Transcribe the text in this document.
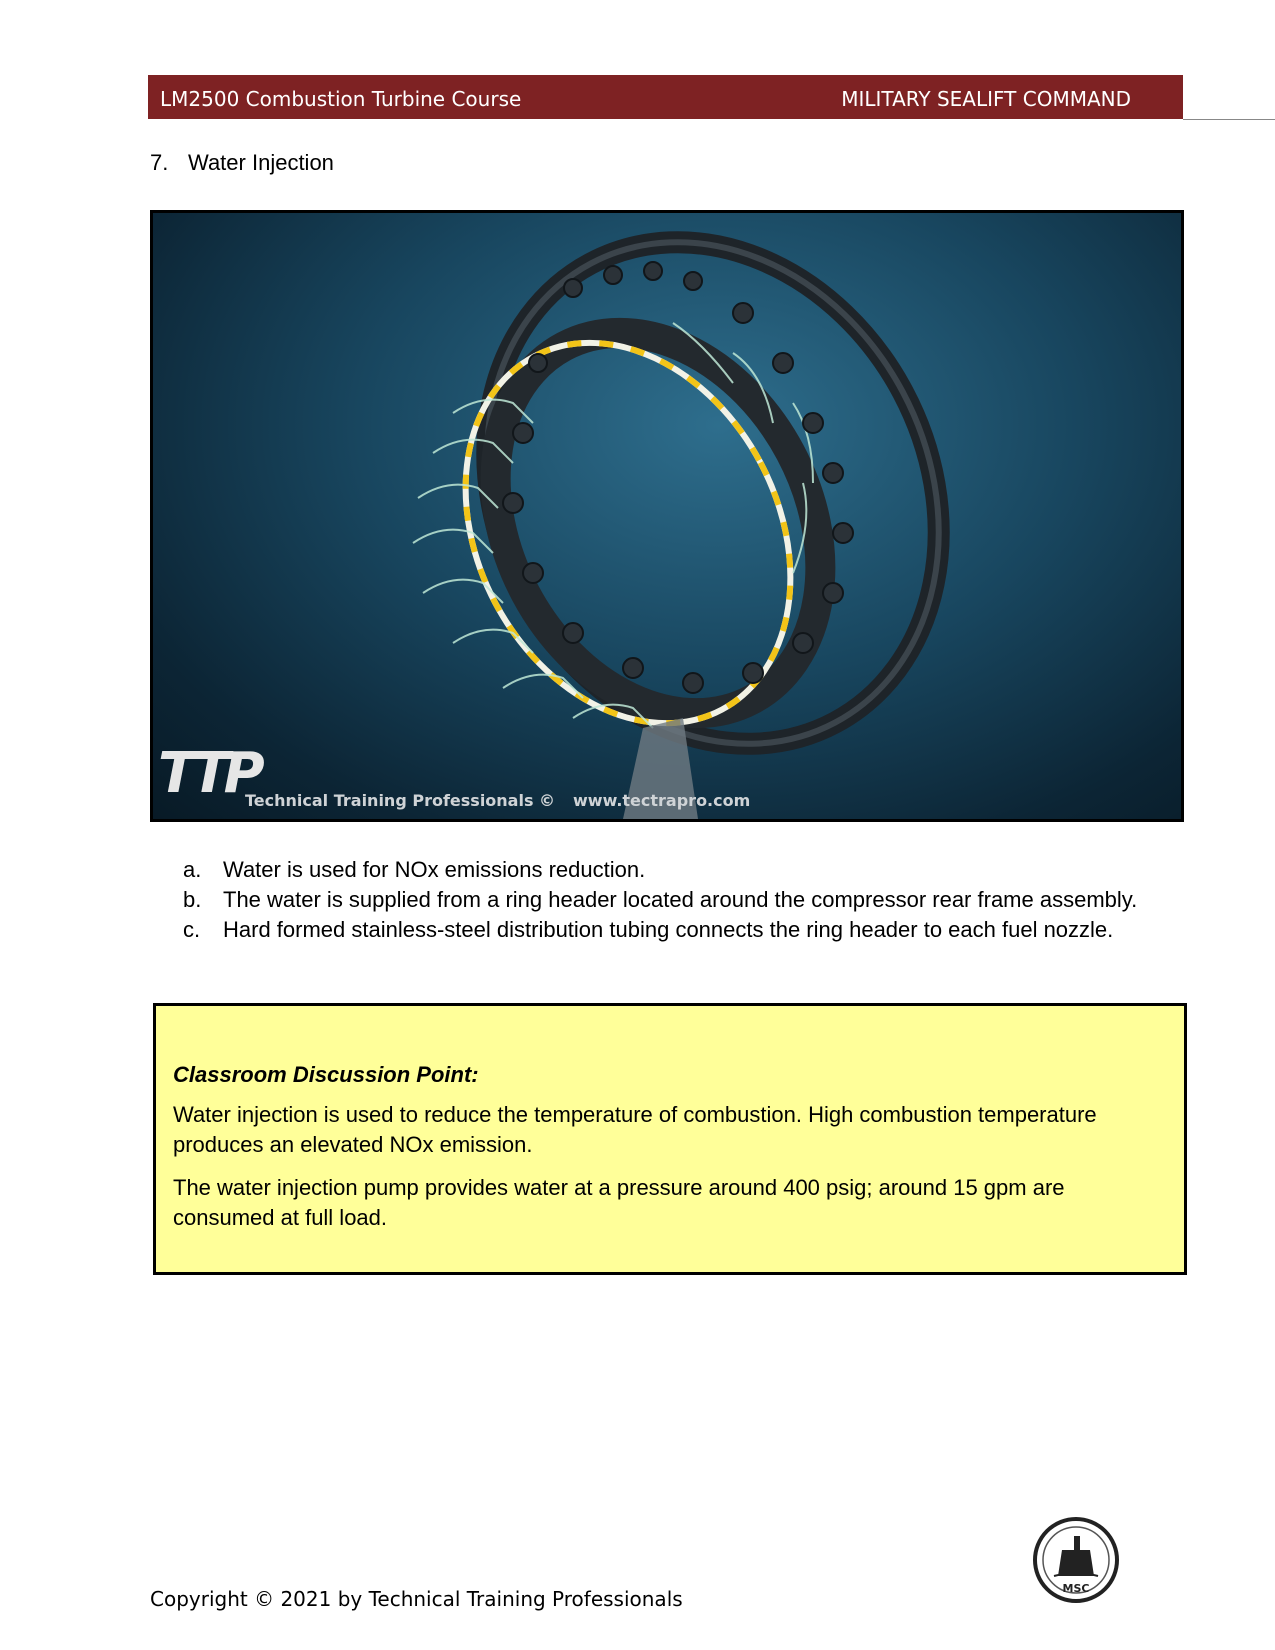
LM2500 Combustion Turbine Course	MILITARY SEALIFT COMMAND
7. Water Injection
TTP
Technical Training Professionals © www.tectrapro.com
a. Water is used for NOx emissions reduction.
b. The water is supplied from a ring header located around the compressor rear frame assembly.
c. Hard formed stainless-steel distribution tubing connects the ring header to each fuel nozzle.
Classroom Discussion Point:
Water injection is used to reduce the temperature of combustion. High combustion temperature produces an elevated NOx emission.
The water injection pump provides water at a pressure around 400 psig; around 15 gpm are consumed at full load.
MSC
Copyright © 2021 by Technical Training Professionals
